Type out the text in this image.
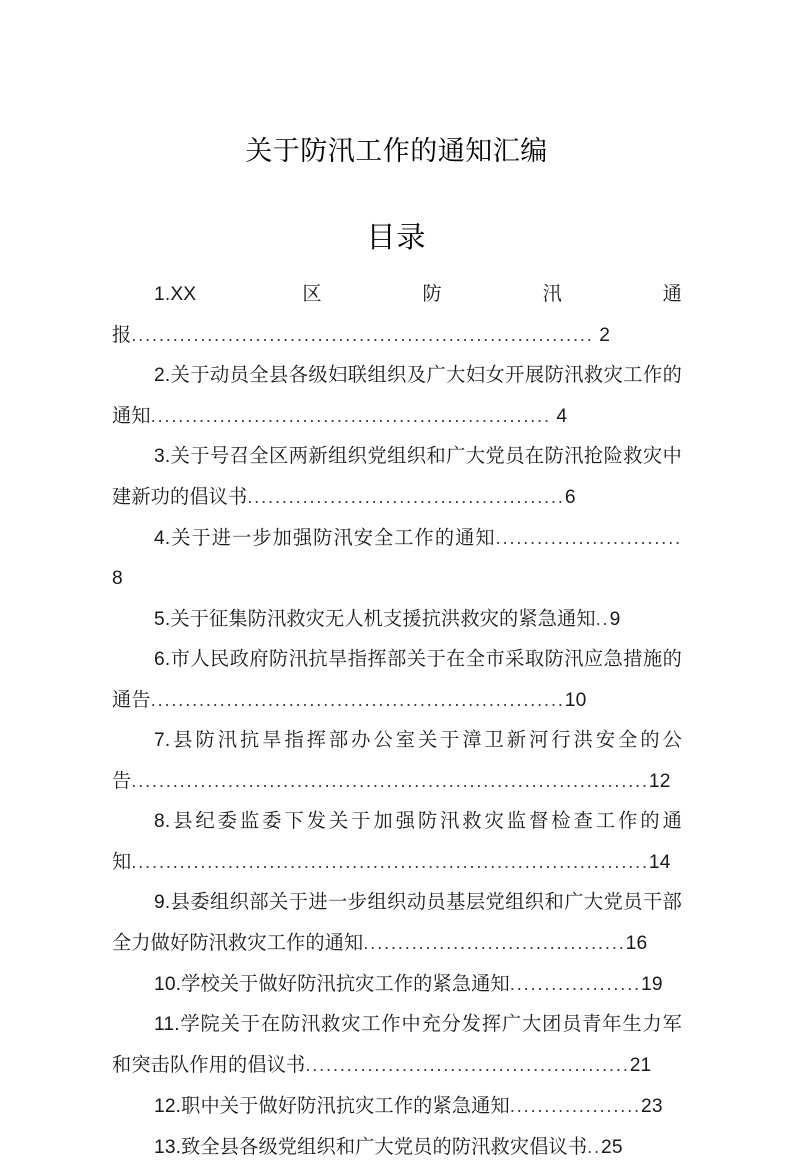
关于防汛工作的通知汇编
目录
1.XX 区防汛通报................................................................... 2
2.关于动员全县各级妇联组织及广大妇女开展防汛救灾工作的通知.......................................................... 4
3.关于号召全区两新组织党组织和广大党员在防汛抢险救灾中建新功的倡议书..............................................6
4.关于进一步加强防汛安全工作的通知........................... 8
5.关于征集防汛救灾无人机支援抗洪救灾的紧急通知..9
6.市人民政府防汛抗旱指挥部关于在全市采取防汛应急措施的通告............................................................10
7.县防汛抗旱指挥部办公室关于漳卫新河行洪安全的公告...........................................................................12
8.县纪委监委下发关于加强防汛救灾监督检查工作的通知...........................................................................14
9.县委组织部关于进一步组织动员基层党组织和广大党员干部全力做好防汛救灾工作的通知......................................16
10.学校关于做好防汛抗灾工作的紧急通知...................19
11.学院关于在防汛救灾工作中充分发挥广大团员青年生力军和突击队作用的倡议书...............................................21
12.职中关于做好防汛抗灾工作的紧急通知...................23
13.致全县各级党组织和广大党员的防汛救灾倡议书..25
